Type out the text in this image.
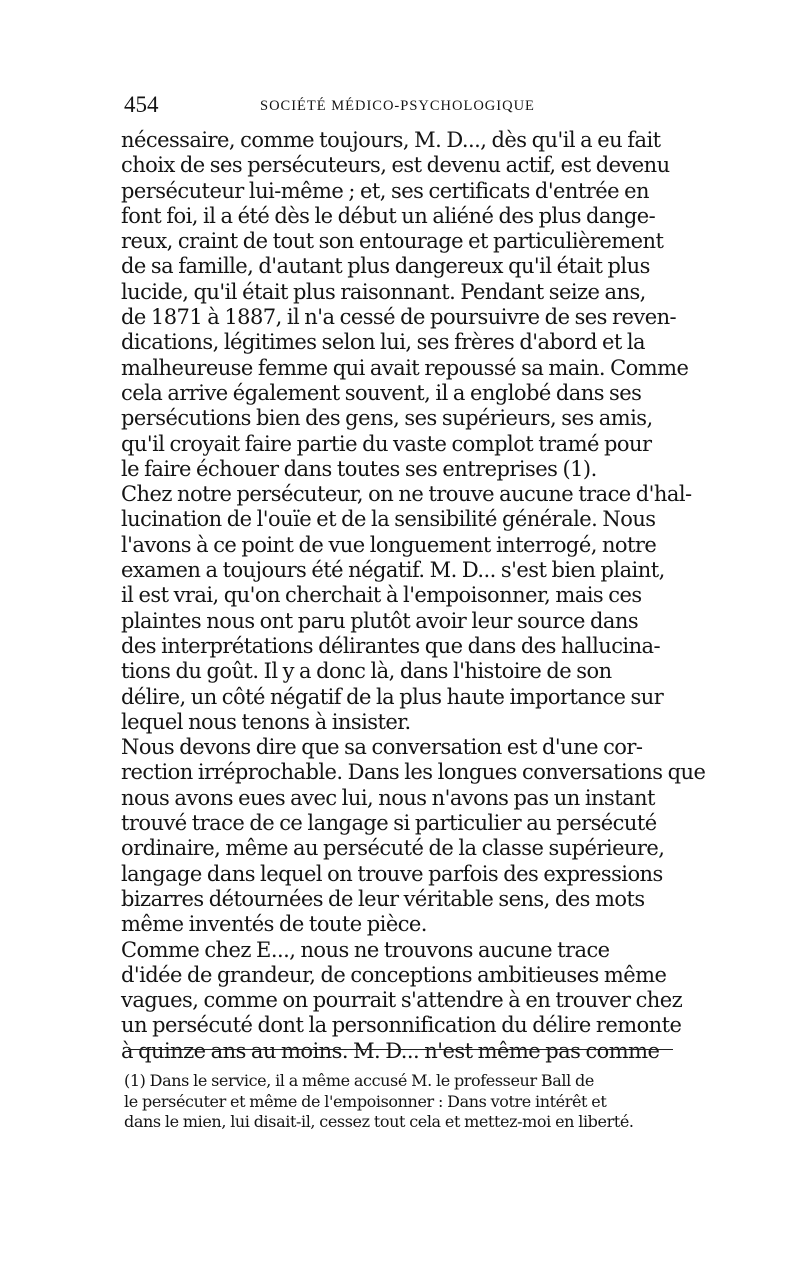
454	SOCIÉTÉ MÉDICO-PSYCHOLOGIQUE
nécessaire, comme toujours, M. D..., dès qu'il a eu fait
choix de ses persécuteurs, est devenu actif, est devenu
persécuteur lui-même ; et, ses certificats d'entrée en
font foi, il a été dès le début un aliéné des plus dange-
reux, craint de tout son entourage et particulièrement
de sa famille, d'autant plus dangereux qu'il était plus
lucide, qu'il était plus raisonnant. Pendant seize ans,
de 1871 à 1887, il n'a cessé de poursuivre de ses reven-
dications, légitimes selon lui, ses frères d'abord et la
malheureuse femme qui avait repoussé sa main. Comme
cela arrive également souvent, il a englobé dans ses
persécutions bien des gens, ses supérieurs, ses amis,
qu'il croyait faire partie du vaste complot tramé pour
le faire échouer dans toutes ses entreprises (1).
Chez notre persécuteur, on ne trouve aucune trace d'hal-
lucination de l'ouïe et de la sensibilité générale. Nous
l'avons à ce point de vue longuement interrogé, notre
examen a toujours été négatif. M. D... s'est bien plaint,
il est vrai, qu'on cherchait à l'empoisonner, mais ces
plaintes nous ont paru plutôt avoir leur source dans
des interprétations délirantes que dans des hallucina-
tions du goût. Il y a donc là, dans l'histoire de son
délire, un côté négatif de la plus haute importance sur
lequel nous tenons à insister.
Nous devons dire que sa conversation est d'une cor-
rection irréprochable. Dans les longues conversations que
nous avons eues avec lui, nous n'avons pas un instant
trouvé trace de ce langage si particulier au persécuté
ordinaire, même au persécuté de la classe supérieure,
langage dans lequel on trouve parfois des expressions
bizarres détournées de leur véritable sens, des mots
même inventés de toute pièce.
Comme chez E..., nous ne trouvons aucune trace
d'idée de grandeur, de conceptions ambitieuses même
vagues, comme on pourrait s'attendre à en trouver chez
un persécuté dont la personnification du délire remonte
à quinze ans au moins. M. D... n'est même pas comme
(1) Dans le service, il a même accusé M. le professeur Ball de
le persécuter et même de l'empoisonner : Dans votre intérêt et
dans le mien, lui disait-il, cessez tout cela et mettez-moi en liberté.
